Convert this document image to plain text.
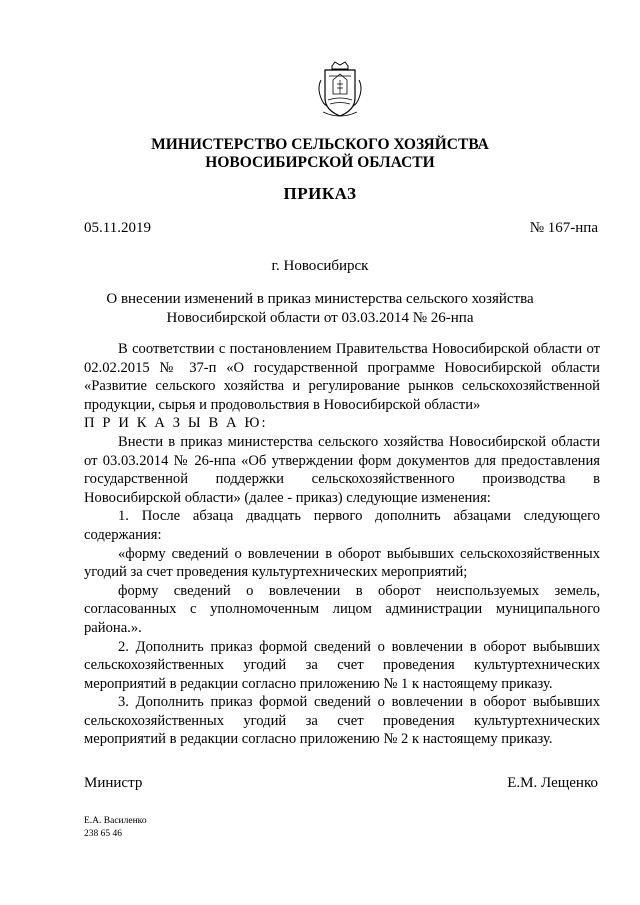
МИНИСТЕРСТВО СЕЛЬСКОГО ХОЗЯЙСТВА
НОВОСИБИРСКОЙ ОБЛАСТИ
ПРИКАЗ
05.11.2019	№ 167-нпа
г. Новосибирск
О внесении изменений в приказ министерства сельского хозяйства
Новосибирской области от 03.03.2014 № 26-нпа

В соответствии с постановлением Правительства Новосибирской области от 02.02.2015 № 37-п «О государственной программе Новосибирской области «Развитие сельского хозяйства и регулирование рынков сельскохозяйственной продукции, сырья и продовольствия в Новосибирской области»

П Р И К А З Ы В А Ю:

Внести в приказ министерства сельского хозяйства Новосибирской области от 03.03.2014 № 26-нпа «Об утверждении форм документов для предоставления государственной поддержки сельскохозяйственного производства в Новосибирской области» (далее - приказ) следующие изменения:

1. После абзаца двадцать первого дополнить абзацами следующего содержания:

«форму сведений о вовлечении в оборот выбывших сельскохозяйственных угодий за счет проведения культуртехнических мероприятий;

форму сведений о вовлечении в оборот неиспользуемых земель, согласованных с уполномоченным лицом администрации муниципального района.».

2. Дополнить приказ формой сведений о вовлечении в оборот выбывших сельскохозяйственных угодий за счет проведения культуртехнических мероприятий в редакции согласно приложению № 1 к настоящему приказу.

3. Дополнить приказ формой сведений о вовлечении в оборот выбывших сельскохозяйственных угодий за счет проведения культуртехнических мероприятий в редакции согласно приложению № 2 к настоящему приказу.

Министр	Е.М. Лещенко
Е.А. Василенко
238 65 46
